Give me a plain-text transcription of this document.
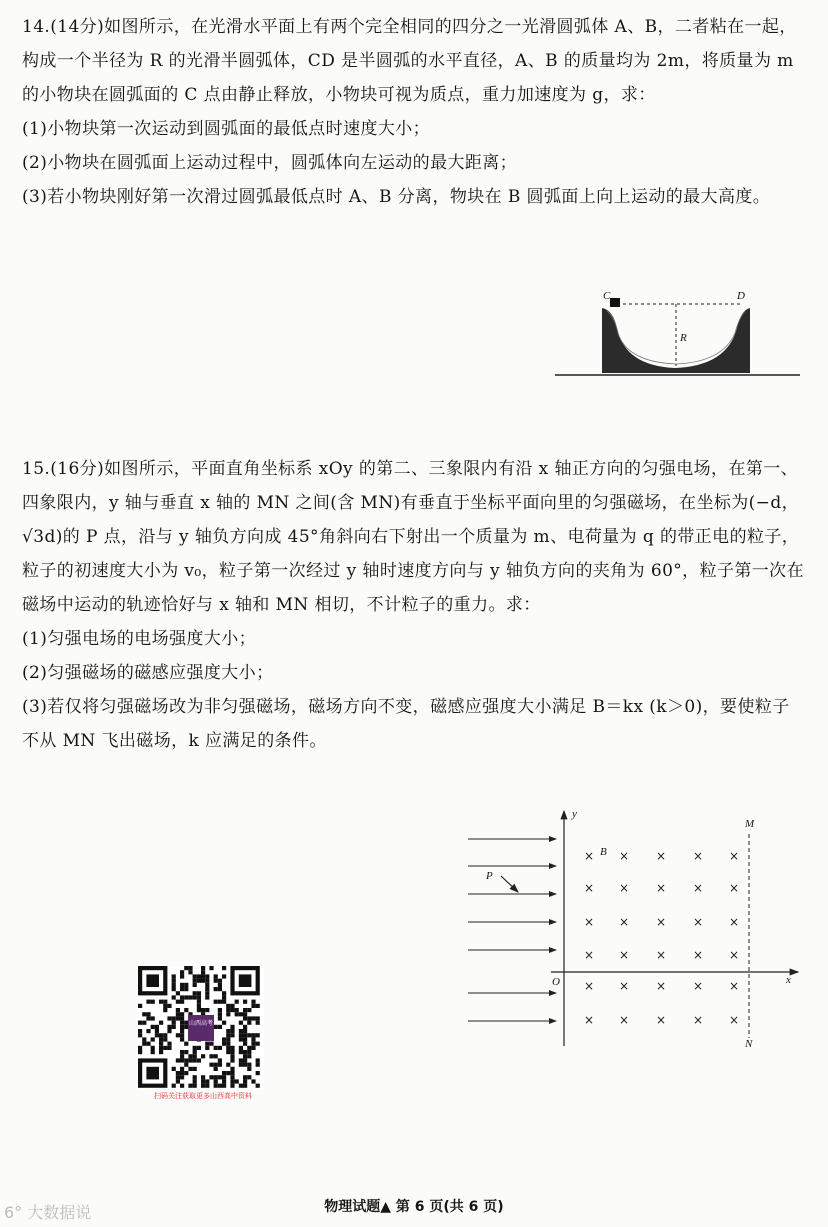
14.(14分)如图所示，在光滑水平面上有两个完全相同的四分之一光滑圆弧体 A、B，二者粘在一起，构成一个半径为 R 的光滑半圆弧体，CD 是半圆弧的水平直径，A、B 的质量均为 2m，将质量为 m 的小物块在圆弧面的 C 点由静止释放，小物块可视为质点，重力加速度为 g，求：

(1)小物块第一次运动到圆弧面的最低点时速度大小；

(2)小物块在圆弧面上运动过程中，圆弧体向左运动的最大距离；

(3)若小物块刚好第一次滑过圆弧最低点时 A、B 分离，物块在 B 圆弧面上向上运动的最大高度。

C	D
R

15.(16分)如图所示，平面直角坐标系 xOy 的第二、三象限内有沿 x 轴正方向的匀强电场，在第一、四象限内，y 轴与垂直 x 轴的 MN 之间(含 MN)有垂直于坐标平面向里的匀强磁场，在坐标为(−d，√3d)的 P 点，沿与 y 轴负方向成 45°角斜向右下射出一个质量为 m、电荷量为 q 的带正电的粒子，粒子的初速度大小为 v₀，粒子第一次经过 y 轴时速度方向与 y 轴负方向的夹角为 60°，粒子第一次在磁场中运动的轨迹恰好与 x 轴和 MN 相切，不计粒子的重力。求：

(1)匀强电场的电场强度大小；

(2)匀强磁场的磁感应强度大小；

(3)若仅将匀强磁场改为非匀强磁场，磁场方向不变，磁感应强度大小满足 B＝kx (k＞0)，要使粒子不从 MN 飞出磁场，k 应满足的条件。

× × × × ×
× × × × ×
× × × × ×
× × × × ×
× × × × ×
× × × × ×
y
x
O
P
B
M
N
山西高考
扫码关注获取更多山西高中资料
物理试题▲ 第 6 页(共 6 页)
6° 大数据说
